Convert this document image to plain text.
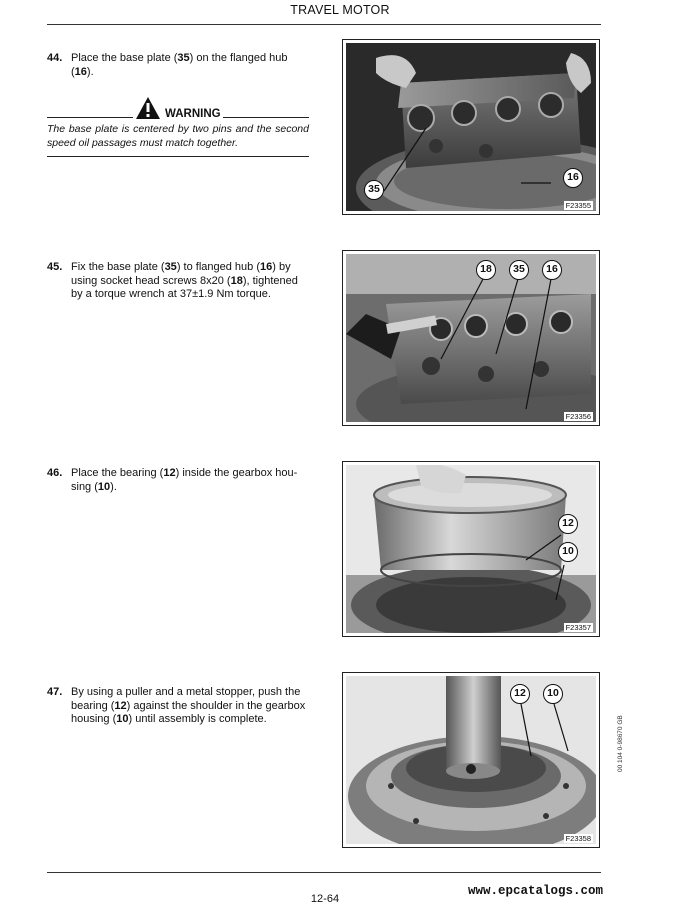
TRAVEL MOTOR
44. Place the base plate (35) on the flanged hub (16).
WARNING
The base plate is centered by two pins and the second speed oil passages must match together.
35
16
F23355
45. Fix the base plate (35) to flanged hub (16) by using socket head screws 8x20 (18), tightened by a torque wrench at 37±1.9 Nm torque.
18	35	16
F23356
46. Place the bearing (12) inside the gearbox hou-sing (10).
12
10
F23357
47. By using a puller and a metal stopper, push the bearing (12) against the shoulder in the gearbox housing (10) until assembly is complete.
12	10
F23358
00 104 0-98670 GB
12-64
www.epcatalogs.com
